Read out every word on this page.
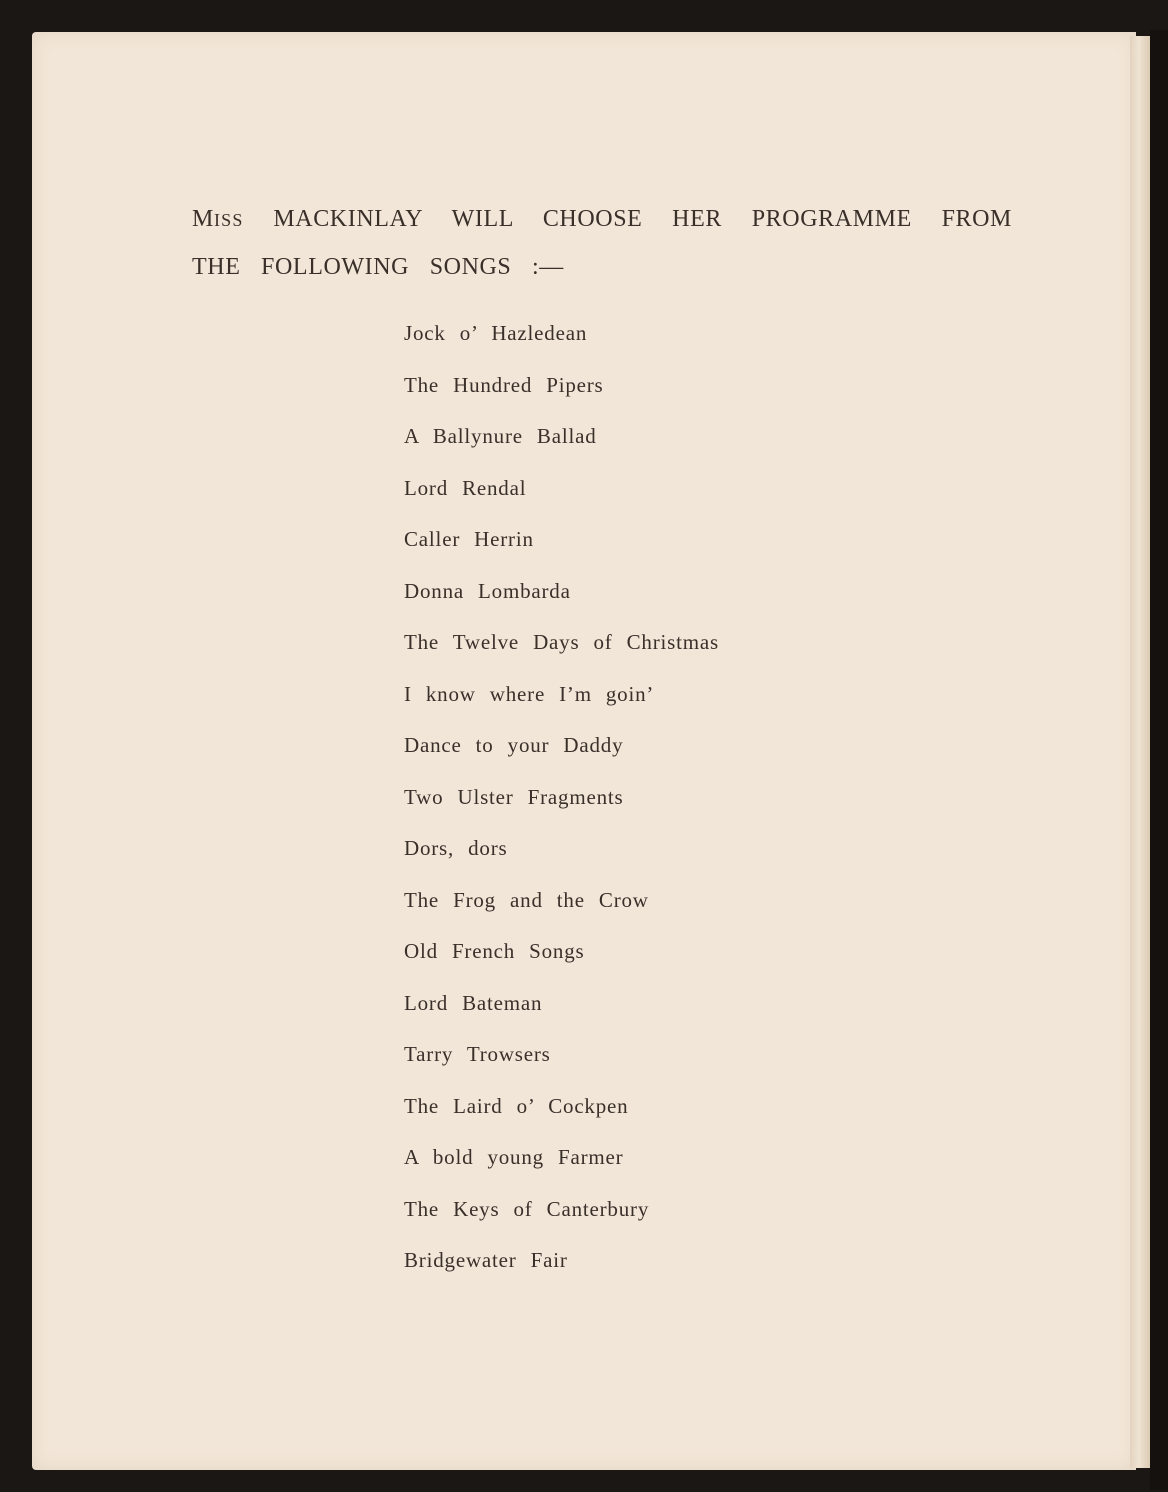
MISS MACKINLAY WILL CHOOSE HER PROGRAMME FROM THE FOLLOWING SONGS :—

Jock o’ Hazledean
The Hundred Pipers
A Ballynure Ballad
Lord Rendal
Caller Herrin
Donna Lombarda
The Twelve Days of Christmas
I know where I’m goin’
Dance to your Daddy
Two Ulster Fragments
Dors, dors
The Frog and the Crow
Old French Songs
Lord Bateman
Tarry Trowsers
The Laird o’ Cockpen
A bold young Farmer
The Keys of Canterbury
Bridgewater Fair
